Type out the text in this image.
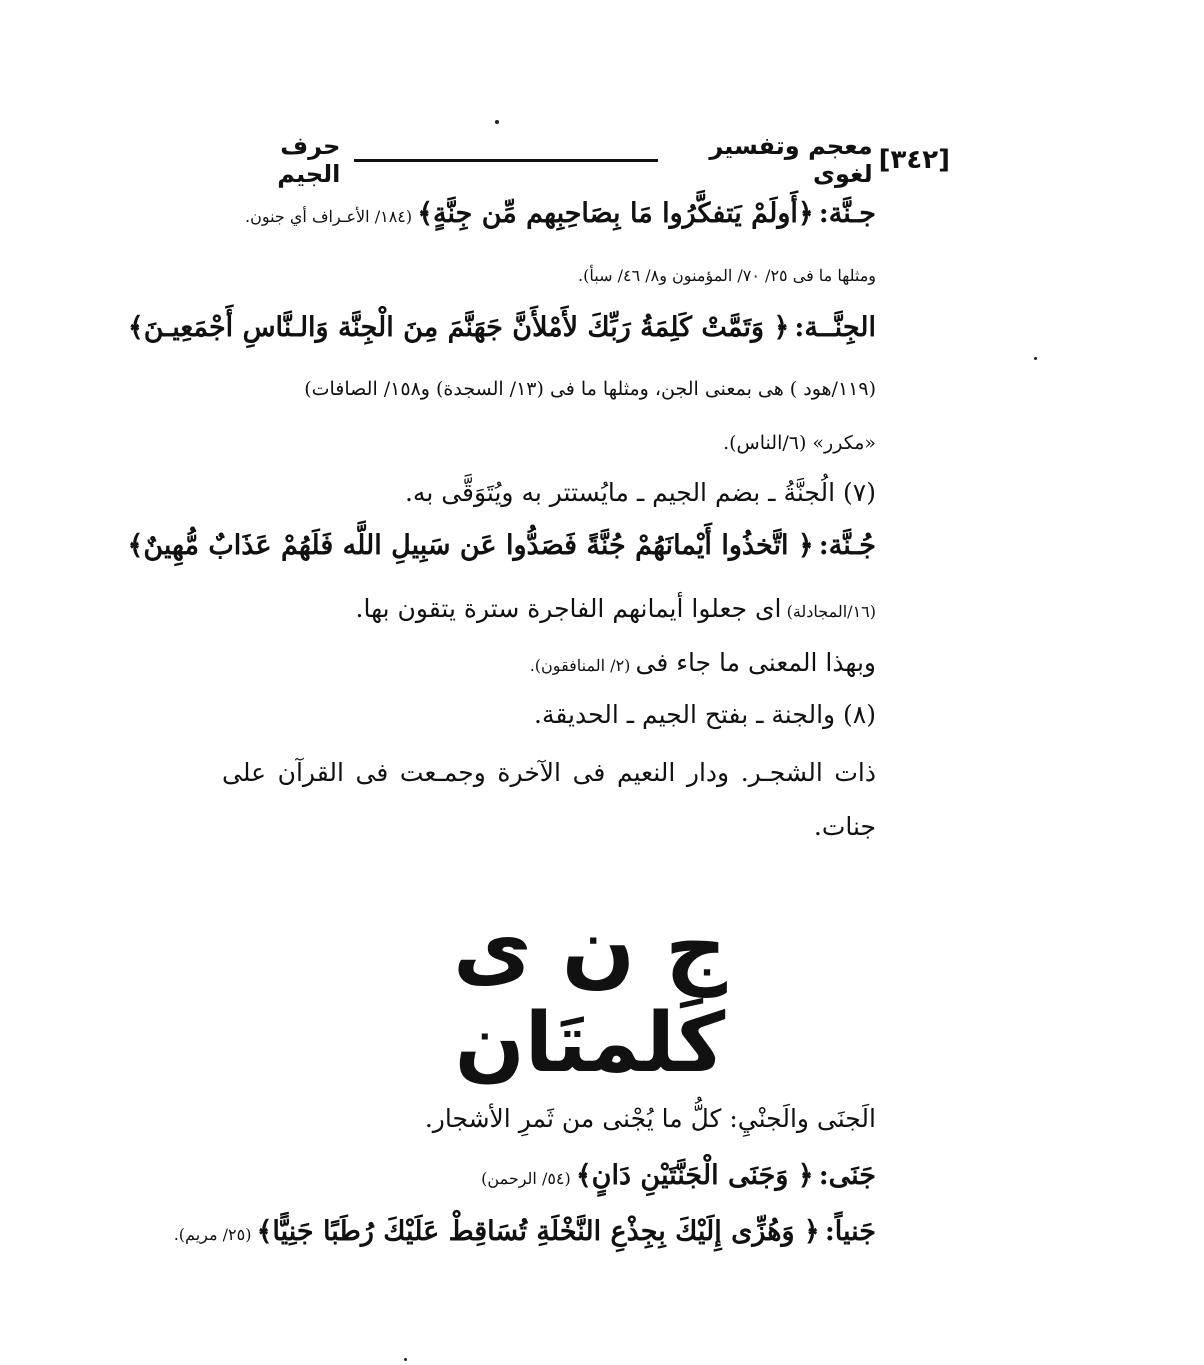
[٣٤٢]
معجم وتفسير لغوى
حرف الجيم
جـنَّة: ﴿أَولَمْ يَتفكَّرُوا مَا بِصَاحِبِهم مِّن جِنَّةٍ﴾ (١٨٤/ الأعـراف أي جنون.
ومثلها ما فى ٢٥/ ٧٠/ المؤمنون و٨/ ٤٦/ سبأ).
الجِنَّــة: ﴿ وَتَمَّتْ كَلِمَةُ رَبِّكَ لأَمْلأَنَّ جَهَنَّمَ مِنَ الْجِنَّة وَالـنَّاسِ أَجْمَعِيـنَ﴾
(١١٩/هود ) هى بمعنى الجن، ومثلها ما فى (١٣/ السجدة) و١٥٨/ الصافات)
«مكرر» (٦/الناس).
(٧) الُجنَّةُ ـ بضم الجيم ـ مايُستتر به ويُتَوَقَّى به.
جُـنَّة: ﴿ اتَّخذُوا أَيْمانَهُمْ جُنَّةً فَصَدُّوا عَن سَبِيلِ اللَّه فَلَهُمْ عَذَابٌ مُّهِينٌ﴾
(١٦/المجادلة) اى جعلوا أيمانهم الفاجرة سترة يتقون بها.
وبهذا المعنى ما جاء فى (٢/ المنافقون).
(٨) والجنة ـ بفتح الجيم ـ الحديقة.
ذات الشجـر. ودار النعيم فى الآخرة وجمـعت فى القرآن على
جنات.
ج ن ى
كَلمتَان
الَجنَى والَجنْيِ: كلُّ ما يُجْنى من ثَمرِ الأشجار.
جَنَى: ﴿ وَجَنَى الْجَنَّتَيْنِ دَانٍ﴾ (٥٤/ الرحمن)
جَنياً: ﴿ وَهُزِّى إِلَيْكَ بِجِذْعِ النَّخْلَةِ تُسَاقِطْ عَلَيْكَ رُطَبًا جَنِيًّا﴾ (٢٥/ مريم).
